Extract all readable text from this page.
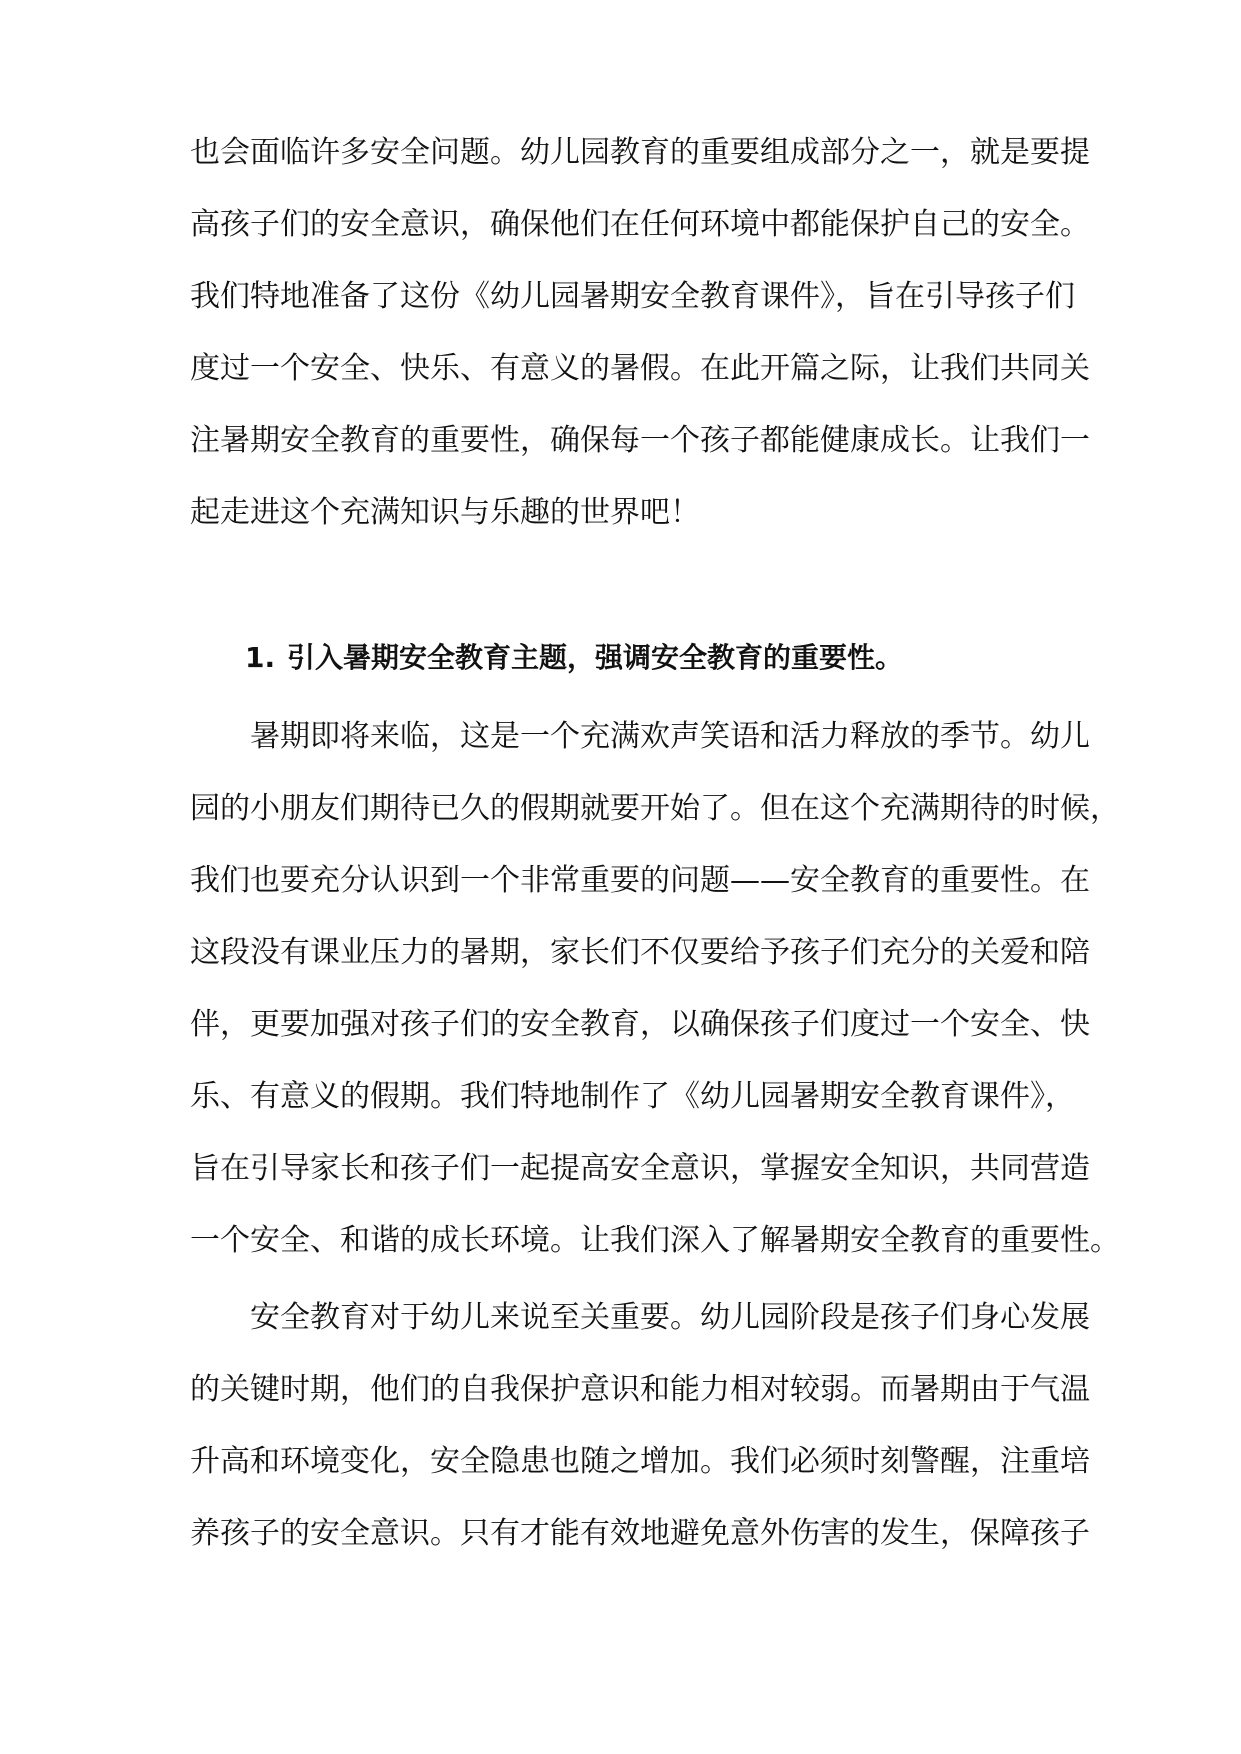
也会面临许多安全问题。幼儿园教育的重要组成部分之一，就是要提
高孩子们的安全意识，确保他们在任何环境中都能保护自己的安全。
我们特地准备了这份《幼儿园暑期安全教育课件》，旨在引导孩子们
度过一个安全、快乐、有意义的暑假。在此开篇之际，让我们共同关
注暑期安全教育的重要性，确保每一个孩子都能健康成长。让我们一
起走进这个充满知识与乐趣的世界吧！
1. 引入暑期安全教育主题，强调安全教育的重要性。
暑期即将来临，这是一个充满欢声笑语和活力释放的季节。幼儿
园的小朋友们期待已久的假期就要开始了。但在这个充满期待的时候，
我们也要充分认识到一个非常重要的问题——安全教育的重要性。在
这段没有课业压力的暑期，家长们不仅要给予孩子们充分的关爱和陪
伴，更要加强对孩子们的安全教育，以确保孩子们度过一个安全、快
乐、有意义的假期。我们特地制作了《幼儿园暑期安全教育课件》，
旨在引导家长和孩子们一起提高安全意识，掌握安全知识，共同营造
一个安全、和谐的成长环境。让我们深入了解暑期安全教育的重要性。
安全教育对于幼儿来说至关重要。幼儿园阶段是孩子们身心发展
的关键时期，他们的自我保护意识和能力相对较弱。而暑期由于气温
升高和环境变化，安全隐患也随之增加。我们必须时刻警醒，注重培
养孩子的安全意识。只有才能有效地避免意外伤害的发生，保障孩子
